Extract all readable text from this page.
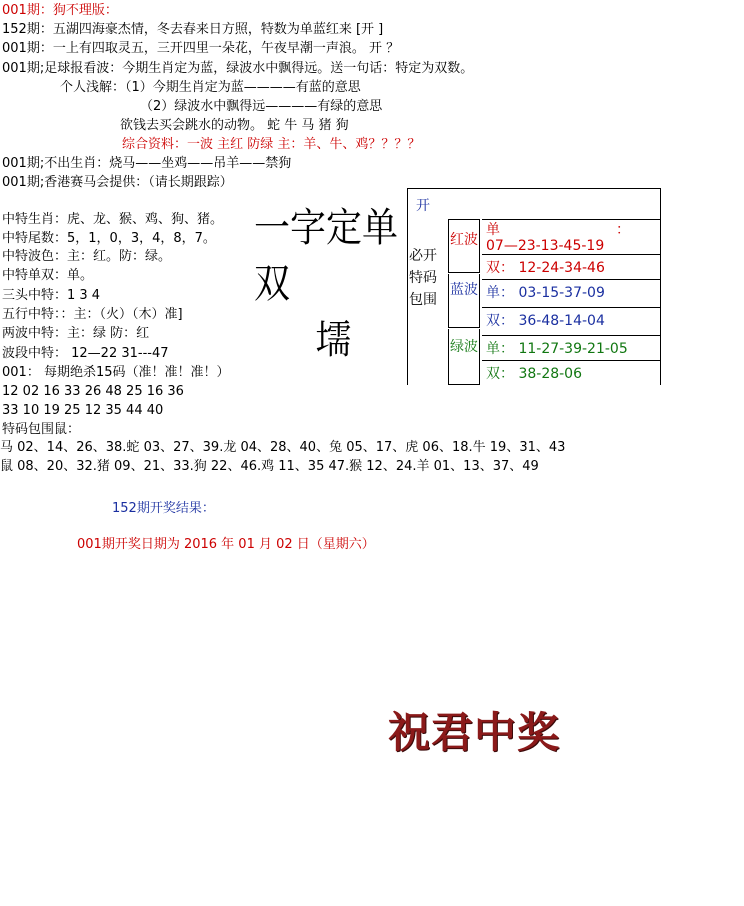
001期：狗不理版：
152期：五湖四海豪杰情，冬去春来日方照，特数为单蓝红来 [开 ]
001期：一上有四取灵五，三开四里一朵花，午夜早潮一声浪。 开 ？
001期;足球报看波：今期生肖定为蓝，绿波水中飘得远。送一句话：特定为双数。
个人浅解：（1）今期生肖定为蓝————有蓝的意思
（2）绿波水中飘得远————有绿的意思
欲钱去买会跳水的动物。 蛇 牛 马 猪 狗
综合资料：一波 主红 防绿 主：羊、牛、鸡？？？？
001期;不出生肖：烧马——坐鸡——吊羊——禁狗
001期;香港赛马会提供：（请长期跟踪）
中特生肖：虎、龙、猴、鸡、狗、猪。
中特尾数：5，1，0，3，4，8，7。
中特波色：主：红。防：绿。
中特单双：单。
三头中特：1 3 4
五行中特：：主：（火）（木）准]
两波中特：主：绿 防：红
波段中特： 12—22 31---47
001： 每期绝杀15码（准！准！准！）
12 02 16 33 26 48 25 16 36
33 10 19 25 12 35 44 40
特码包围鼠：
马 02、14、26、38.蛇 03、27、39.龙 04、28、40、兔 05、17、虎 06、18.牛 19、31、43
鼠 08、20、32.猪 09、21、33.狗 22、46.鸡 11、35 47.猴 12、24.羊 01、13、37、49
一字定单双
壖
开
必开特码包围
红波
蓝波
绿波
单	：

07—23-13-45-19
双： 12-24-34-46
单： 03-15-37-09
双： 36-48-14-04
单： 11-27-39-21-05
双： 38-28-06
152期开奖结果：
001期开奖日期为 2016 年 01 月 02 日（星期六）
祝君中奖
